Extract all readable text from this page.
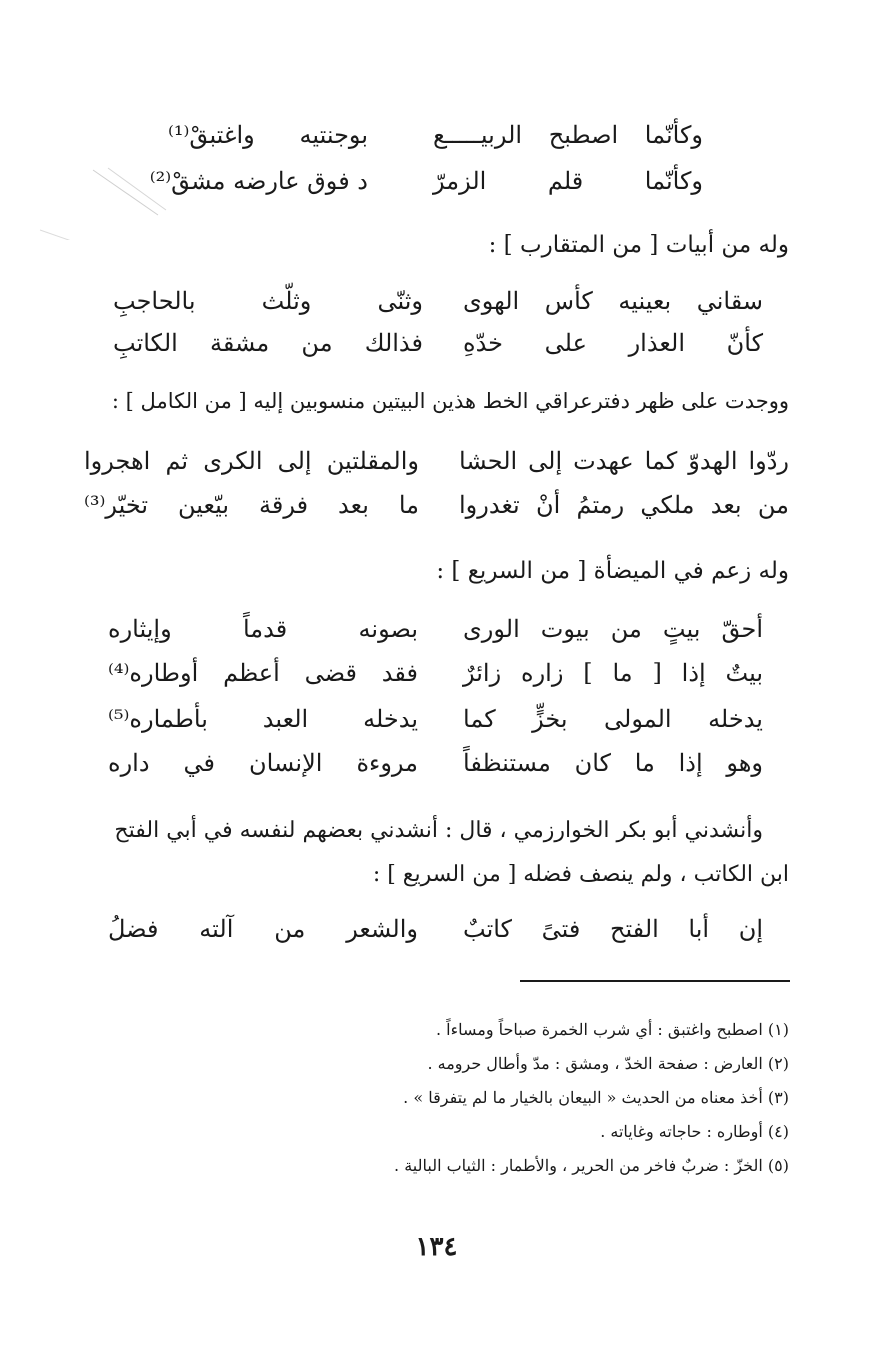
وكأنّما اصطبح الربيـــــع
بوجنتيه واغتبقْ⁽¹⁾
وكأنّما قلم الزمرّ
د فوق عارضه مشقْ⁽²⁾
وله من أبيات [ من المتقارب ] :
سقاني بعينيه كأس الهوى
وثنّى وثلّث بالحاجبِ
كأنّ العذار على خدّهِ
فذالك من مشقة الكاتبِ
ووجدت على ظهر دفترعراقي الخط هذين البيتين منسوبين إليه [ من الكامل ] :
ردّوا الهدوّ كما عهدت إلى الحشا
والمقلتين إلى الكرى ثم اهجروا
من بعد ملكي رمتمُ أنْ تغدروا
ما بعد فرقة بيّعين تخيّر⁽³⁾
وله زعم في الميضأة [ من السريع ] :
أحقّ بيتٍ من بيوت الورى
بصونه قدماً وإيثاره
بيتٌ إذا [ ما ] زاره زائرٌ
فقد قضى أعظم أوطاره⁽⁴⁾
يدخله المولى بخزٍّ كما
يدخله العبد بأطماره⁽⁵⁾
وهو إذا ما كان مستنظفاً
مروءة الإنسان في داره
وأنشدني أبو بكر الخوارزمي ، قال : أنشدني بعضهم لنفسه في أبي الفتح
ابن الكاتب ، ولم ينصف فضله [ من السريع ] :
إن أبا الفتح فتىً كاتبٌ
والشعر من آلته فضلُ
(١) اصطبح واغتبق : أي شرب الخمرة صباحاً ومساءاً .
(٢) العارض : صفحة الخدّ ، ومشق : مدّ وأطال حرومه .
(٣) أخذ معناه من الحديث « البيعان بالخيار ما لم يتفرقا » .
(٤) أوطاره : حاجاته وغاياته .
(٥) الخزّ : ضربٌ فاخر من الحرير ، والأطمار : الثياب البالية .
١٣٤
